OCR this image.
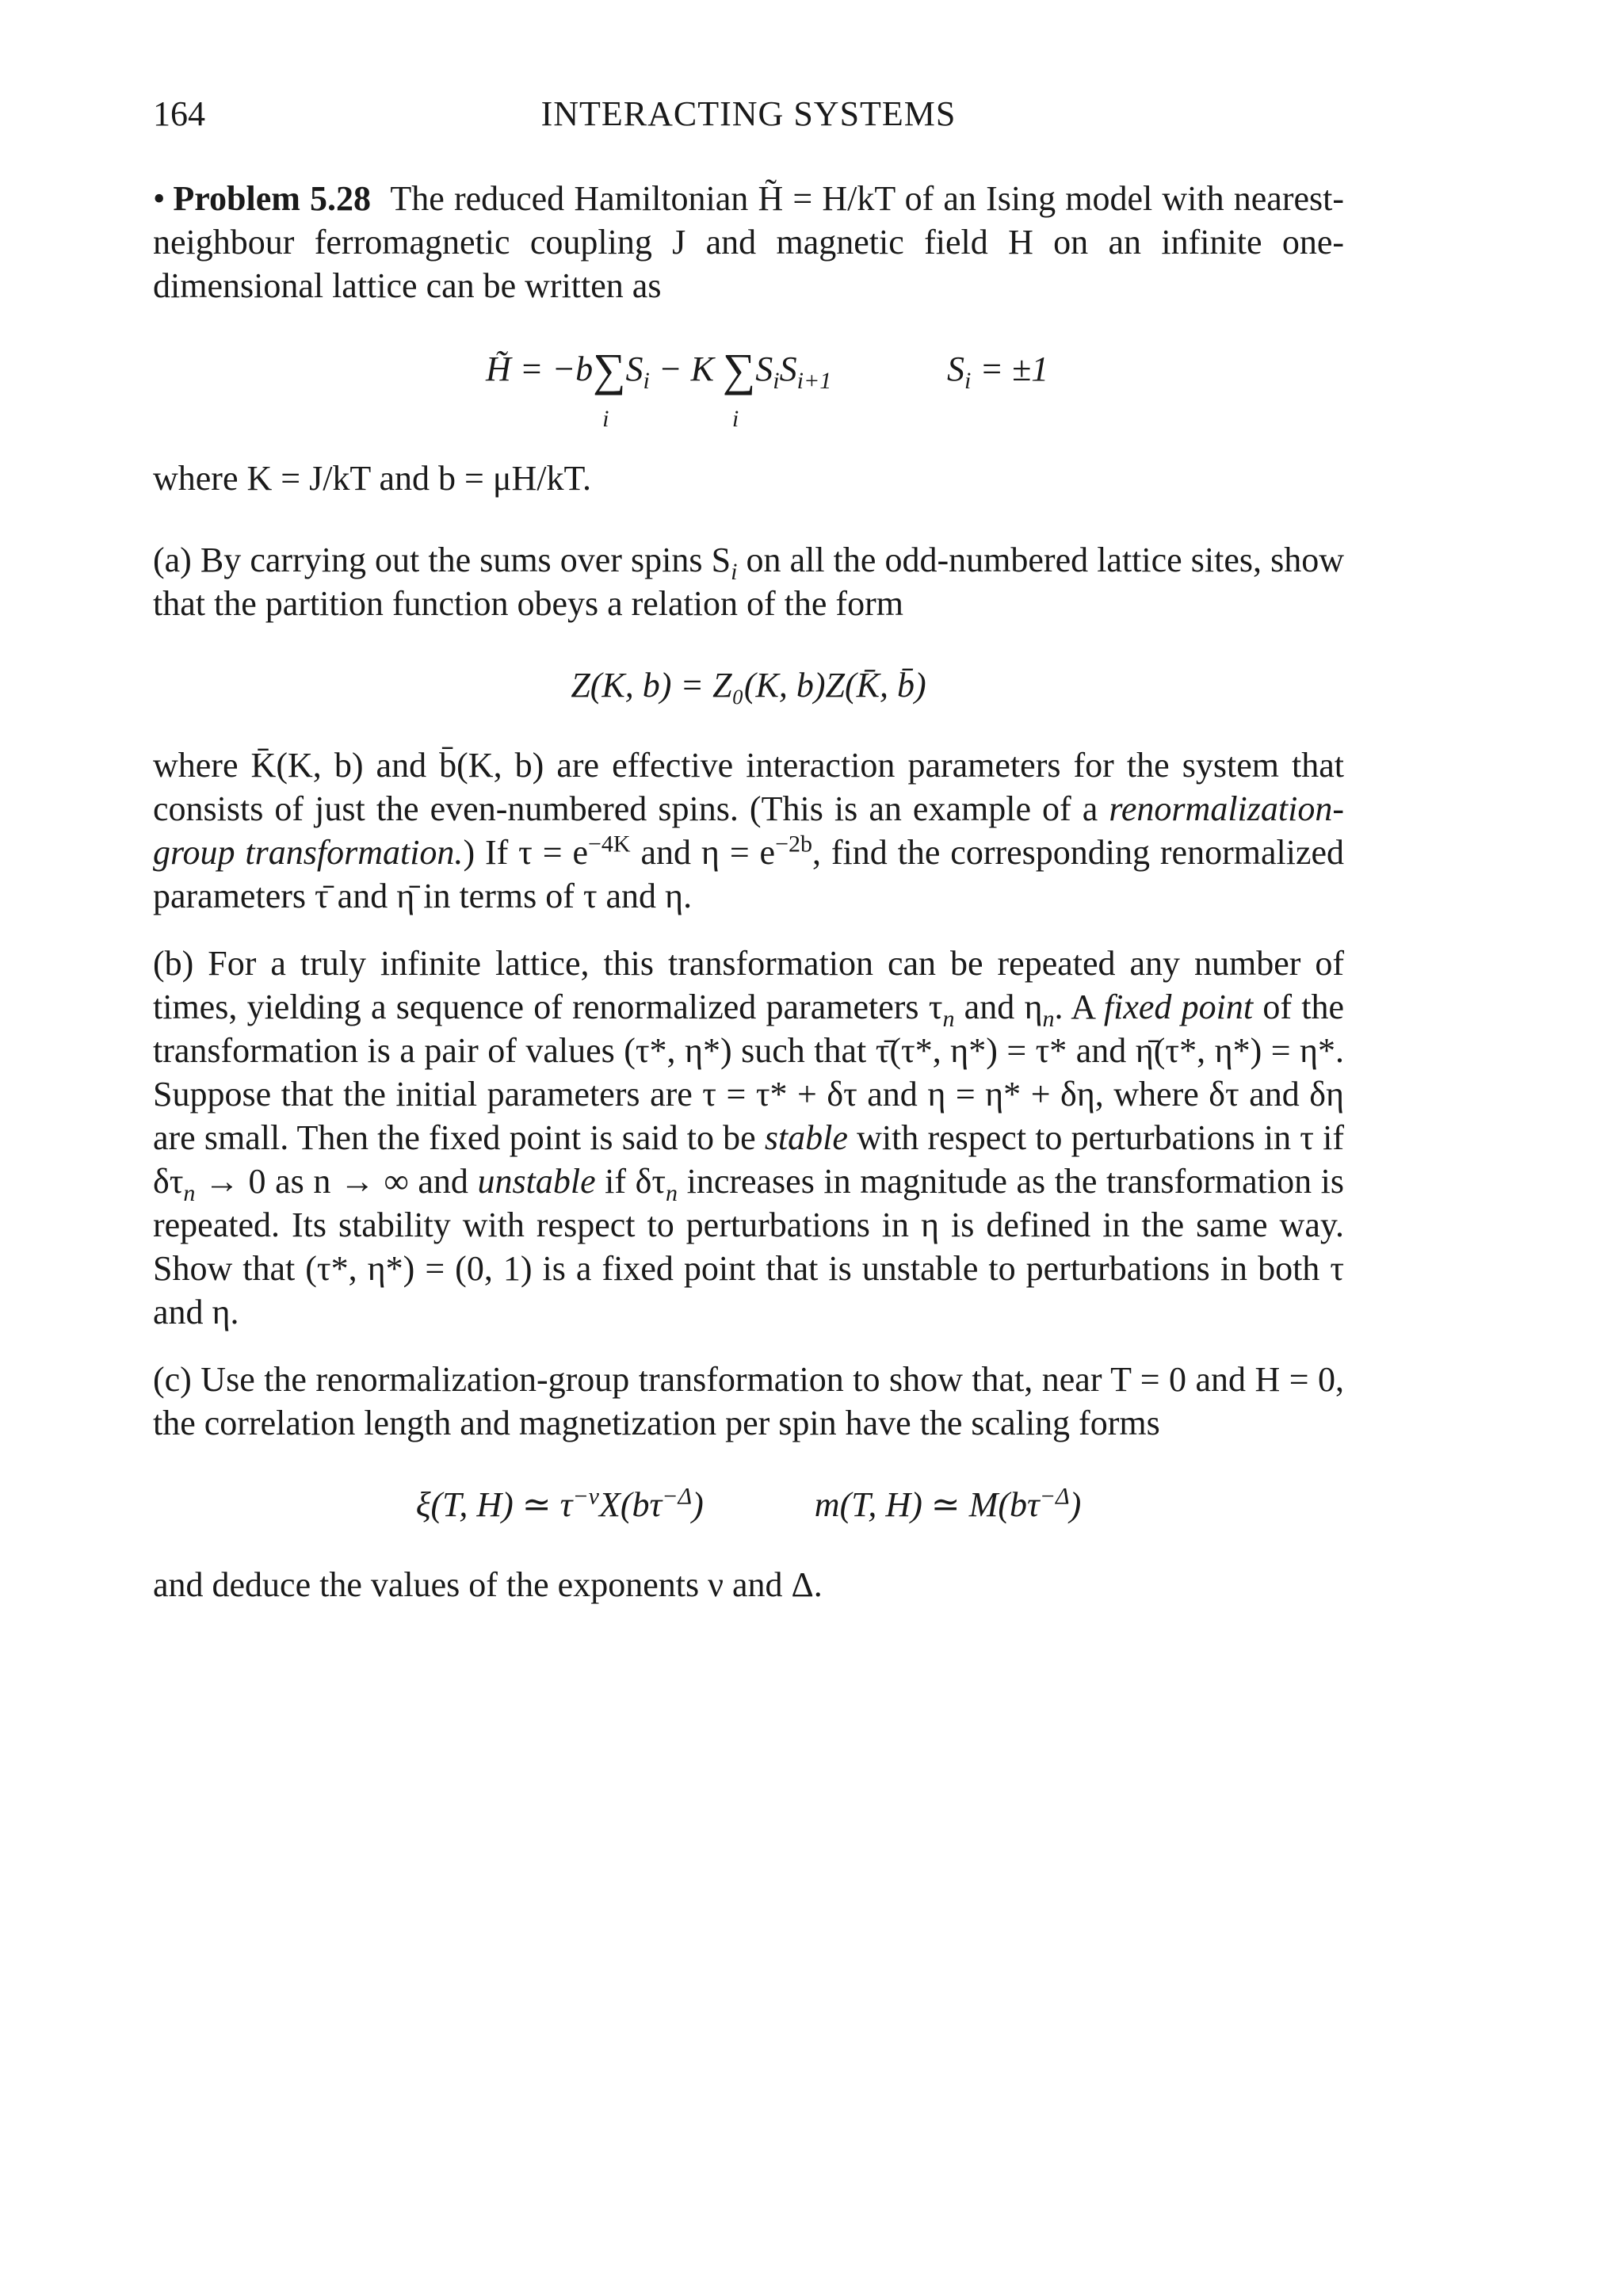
164	INTERACTING SYSTEMS

• Problem 5.28 The reduced Hamiltonian H̃ = H/kT of an Ising model with nearest-neighbour ferromagnetic coupling J and magnetic field H on an infinite one-dimensional lattice can be written as

H̃ = −b∑
i
$S_i - K$ ∑
i
$S_iS_{i+1}$	$S_i = \pm 1$

where K = J/kT and b = μH/kT.

(a) By carrying out the sums over spins $S_i$ on all the odd-numbered lattice sites, show that the partition function obeys a relation of the form

Z(K, b) = Z₀(K, b)Z(K̄, b̄)

where K̄(K, b) and b̄(K, b) are effective interaction parameters for the system that consists of just the even-numbered spins. (This is an example of a renormalization-group transformation.) If $\tau = e^{-4K}$ and $\eta = e^{-2b}$, find the corresponding renormalized parameters τ̄ and η̄ in terms of τ and η.

(b) For a truly infinite lattice, this transformation can be repeated any number of times, yielding a sequence of renormalized parameters $\tau_n$ and $\eta_n$. A fixed point of the transformation is a pair of values (τ*, η*) such that τ̄(τ*, η*) = τ* and η̄(τ*, η*) = η*. Suppose that the initial parameters are τ = τ* + δτ and η = η* + δη, where δτ and δη are small. Then the fixed point is said to be stable with respect to perturbations in τ if $\delta\tau_n \to 0$ as n → ∞ and unstable if $\delta\tau_n$ increases in magnitude as the transformation is repeated. Its stability with respect to perturbations in η is defined in the same way. Show that (τ*, η*) = (0, 1) is a fixed point that is unstable to perturbations in both τ and η.

(c) Use the renormalization-group transformation to show that, near T = 0 and H = 0, the correlation length and magnetization per spin have the scaling forms

ξ(T, H) ≃ $\tau^{-\nu}X(b\tau^{-\Delta})$	m(T, H) ≃ $M(b\tau^{-\Delta})$

and deduce the values of the exponents ν and Δ.
